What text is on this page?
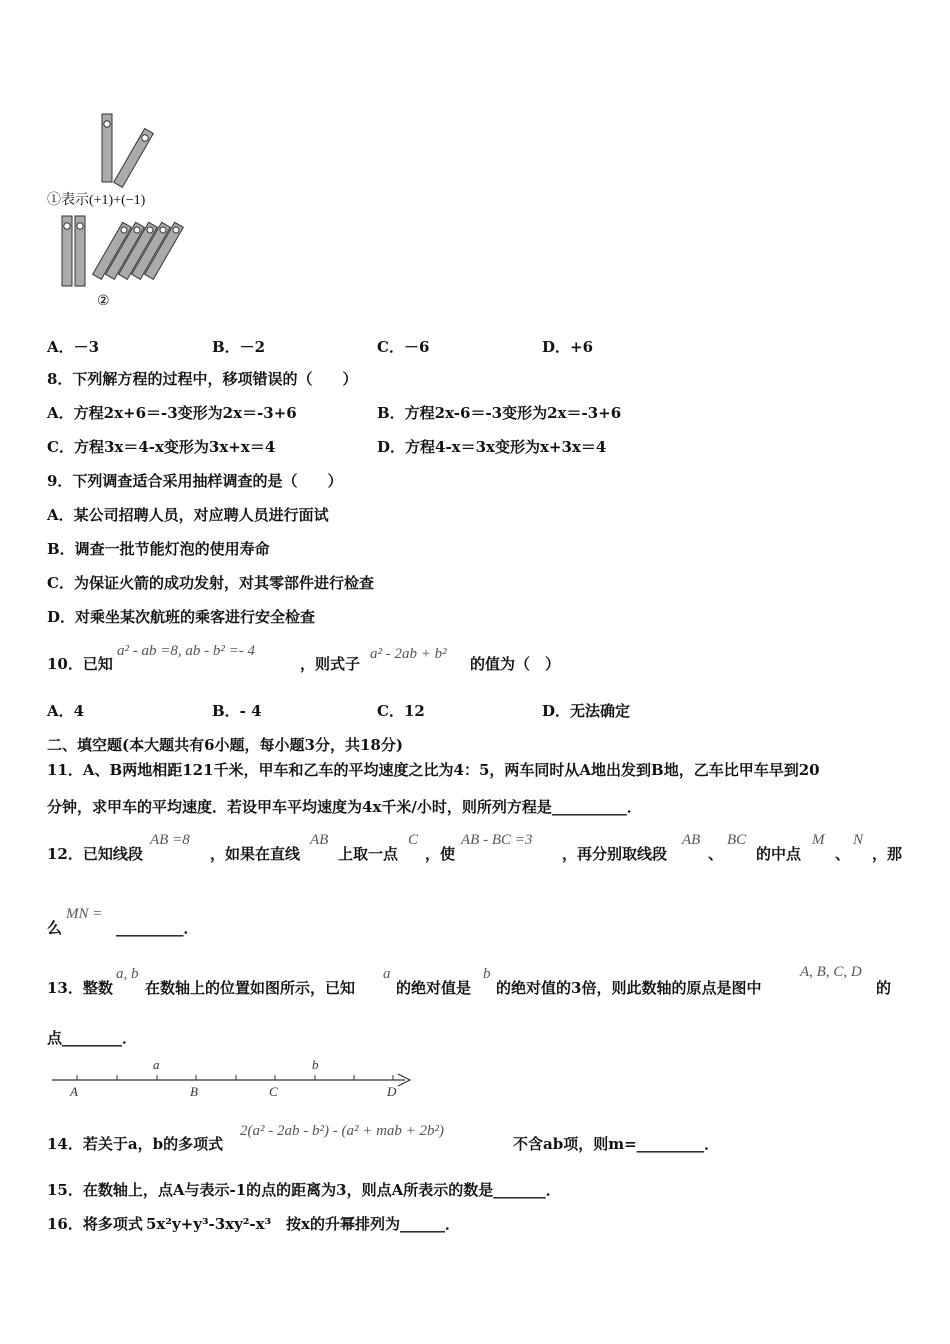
①表示(+1)+(−1)
②
A．－3	B．－2	C．－6	D．+6
8．下列解方程的过程中，移项错误的（　　）
A．方程2x+6＝-3变形为2x＝-3+6	B．方程2x-6＝-3变形为2x＝-3+6
C．方程3x＝4-x变形为3x+x＝4	D．方程4-x＝3x变形为x+3x＝4
9．下列调查适合采用抽样调查的是（　　）
A．某公司招聘人员，对应聘人员进行面试
B．调查一批节能灯泡的使用寿命
C．为保证火箭的成功发射，对其零部件进行检查
D．对乘坐某次航班的乘客进行安全检查
10．已知
a² - ab =8, ab - b² =- 4
，则式子
a² - 2ab + b²
的值为（　）
A．4	B．- 4	C．12	D．无法确定
二、填空题(本大题共有6小题，每小题3分，共18分)
11．A、B两地相距121千米，甲车和乙车的平均速度之比为4：5，两车同时从A地出发到B地，乙车比甲车早到20
分钟，求甲车的平均速度．若设甲车平均速度为4x千米/小时，则所列方程是__________．
12．已知线段
AB =8
，如果在直线
AB
上取一点
C
，使
AB - BC =3
，再分别取线段
AB
、
BC
的中点
M
、
N
，那
么
MN =
_________．
13．整数
a, b
在数轴上的位置如图所示，已知
a
的绝对值是
b
的绝对值的3倍，则此数轴的原点是图中
A, B, C, D
的
点________．
A	B	C	D
a	b
14．若关于a，b的多项式
2(a² - 2ab - b²) - (a² + mab + 2b²)
不含ab项，则m=_________．
15．在数轴上，点A与表示-1的点的距离为3，则点A所表示的数是_______．
16．将多项式 5x²y+y³-3xy²-x³ 按x的升幂排列为______．
